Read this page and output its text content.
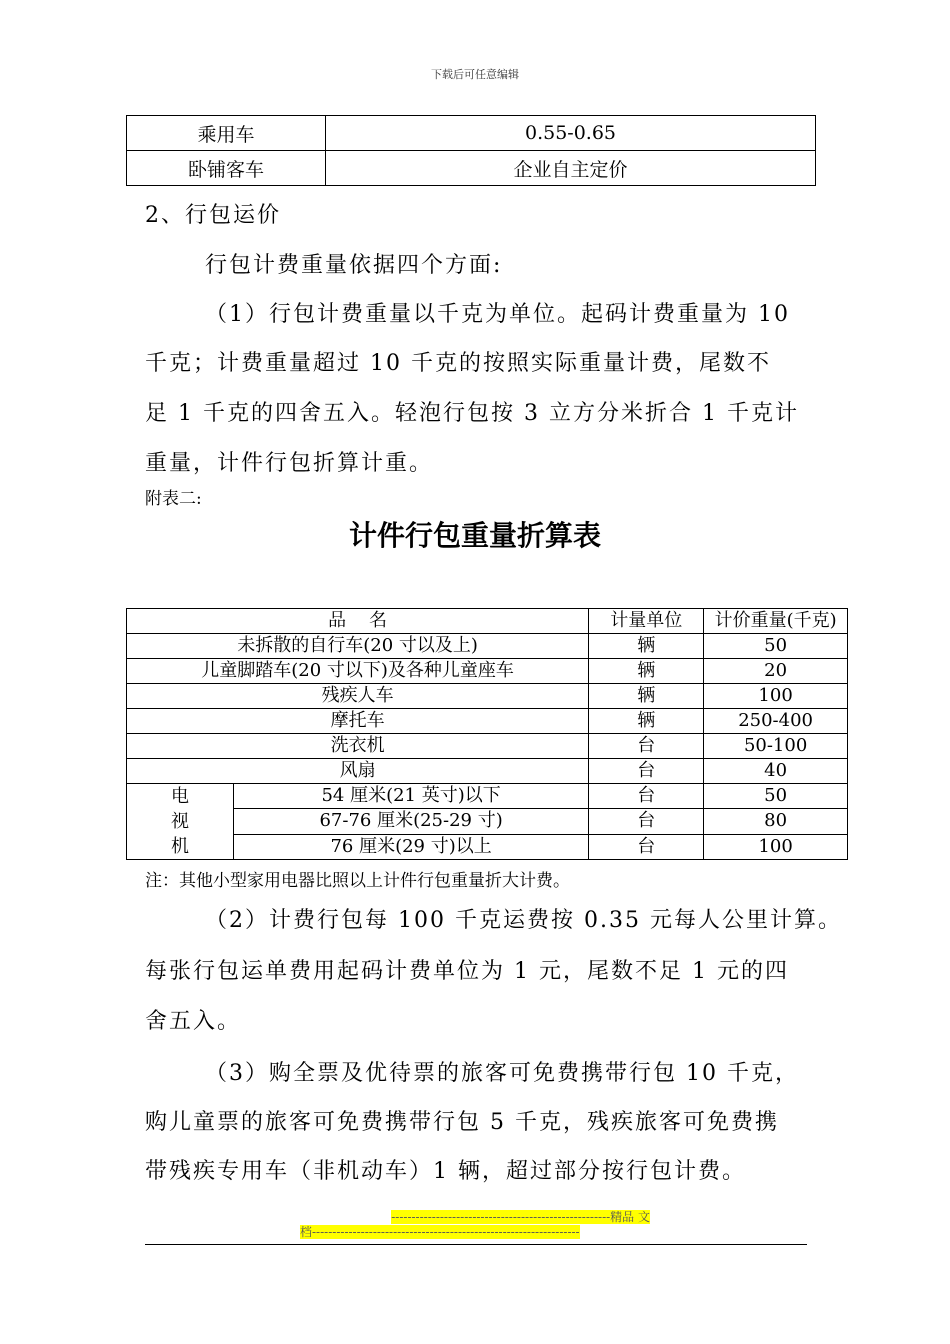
下载后可任意编辑
乘用车	0.55-0.65
卧铺客车	企业自主定价
2、行包运价
行包计费重量依据四个方面:
（1）行包计费重量以千克为单位。起码计费重量为 10
千克；计费重量超过 10 千克的按照实际重量计费，尾数不
足 1 千克的四舍五入。轻泡行包按 3 立方分米折合 1 千克计
重量，计件行包折算计重。
附表二:
计件行包重量折算表
品    名		计量单位	计价重量(千克)
未拆散的自行车(20 寸以及上)		辆	50
儿童脚踏车(20 寸以下)及各种儿童座车		辆	20
残疾人车		辆	100
摩托车		辆	250-400
洗衣机		台	50-100
风扇		台	40

电
视
机	54 厘米(21 英寸)以下	台	50
	67-76 厘米(25-29 寸)	台	80
	76 厘米(29 寸)以上	台	100
注：其他小型家用电器比照以上计件行包重量折大计费。
（2）计费行包每 100 千克运费按 0.35 元每人公里计算。
每张行包运单费用起码计费单位为 1 元，尾数不足 1 元的四
舍五入。
（3）购全票及优待票的旅客可免费携带行包 10 千克，
购儿童票的旅客可免费携带行包 5 千克，残疾旅客可免费携
带残疾专用车（非机动车）1 辆，超过部分按行包计费。
------------------------------------------------------精品 文
档------------------------------------------------------------------
